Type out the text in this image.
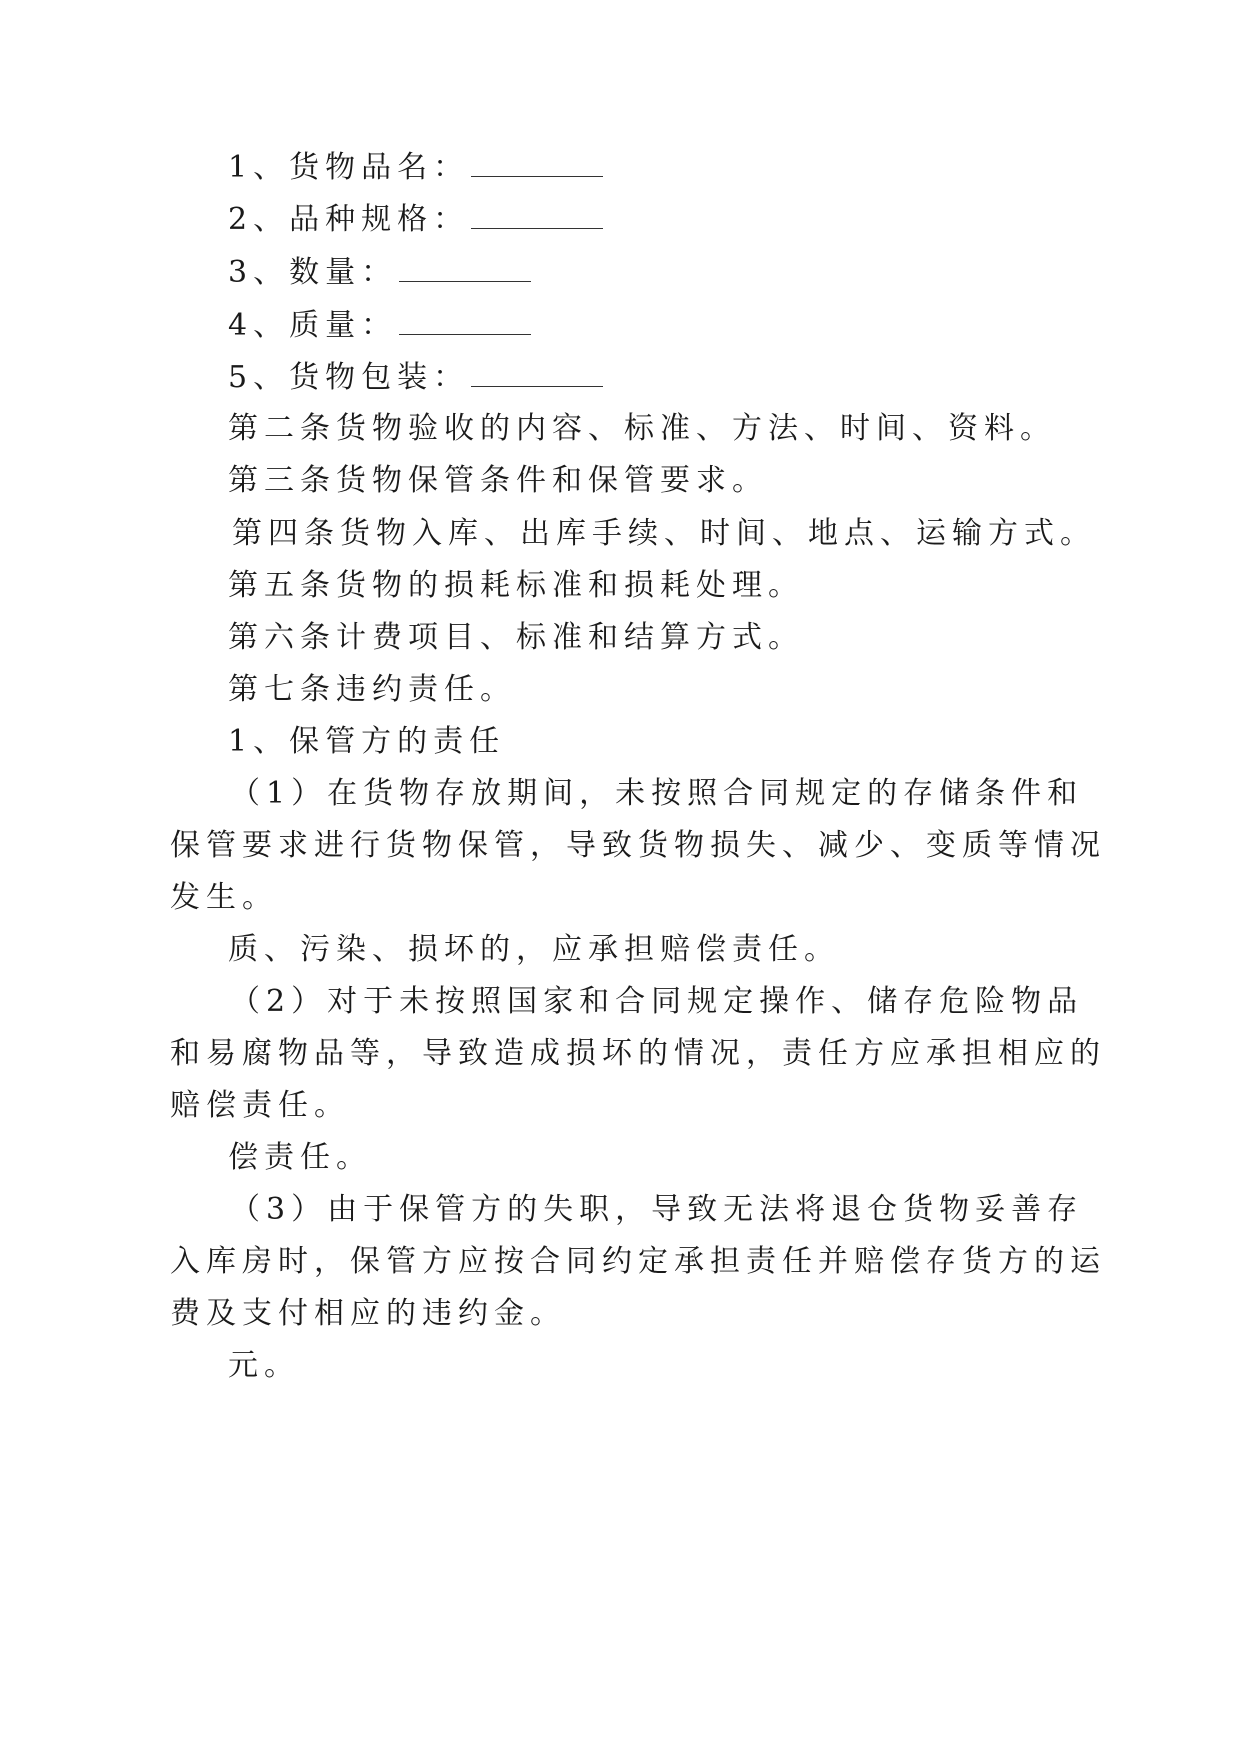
1、货物品名：
2、品种规格：
3、数量：
4、质量：
5、货物包装：
第二条货物验收的内容、标准、方法、时间、资料。
第三条货物保管条件和保管要求。
第四条货物入库、出库手续、时间、地点、运输方式。
第五条货物的损耗标准和损耗处理。
第六条计费项目、标准和结算方式。
第七条违约责任。
1、保管方的责任
（1）在货物存放期间，未按照合同规定的存储条件和
保管要求进行货物保管，导致货物损失、减少、变质等情况
发生。
质、污染、损坏的，应承担赔偿责任。
（2）对于未按照国家和合同规定操作、储存危险物品
和易腐物品等，导致造成损坏的情况，责任方应承担相应的
赔偿责任。
偿责任。
（3）由于保管方的失职，导致无法将退仓货物妥善存
入库房时，保管方应按合同约定承担责任并赔偿存货方的运
费及支付相应的违约金。
元。
